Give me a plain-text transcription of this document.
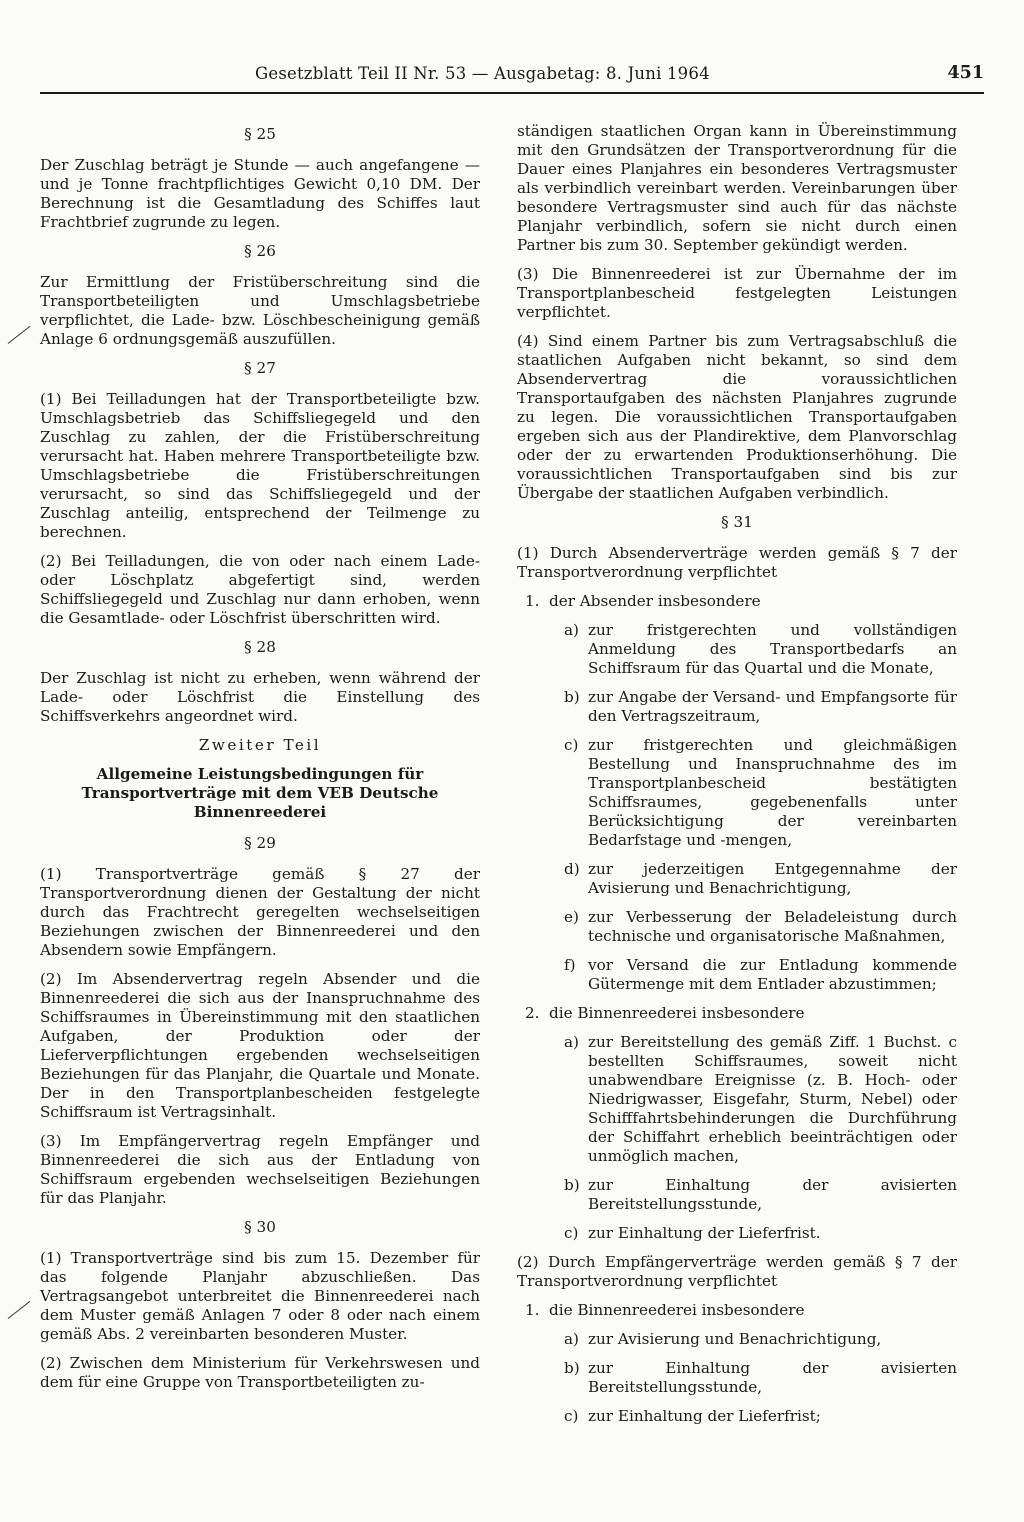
Gesetzblatt Teil II Nr. 53 — Ausgabetag: 8. Juni 1964	451
§ 25

Der Zuschlag beträgt je Stunde — auch angefangene — und je Tonne frachtpflichtiges Gewicht 0,10 DM. Der Berechnung ist die Gesamtladung des Schiffes laut Frachtbrief zugrunde zu legen.

§ 26

Zur Ermittlung der Fristüberschreitung sind die Transportbeteiligten und Umschlagsbetriebe verpflichtet, die Lade- bzw. Löschbescheinigung gemäß Anlage 6 ordnungsgemäß auszufüllen.

§ 27

(1) Bei Teilladungen hat der Transportbeteiligte bzw. Umschlagsbetrieb das Schiffsliegegeld und den Zuschlag zu zahlen, der die Fristüberschreitung verursacht hat. Haben mehrere Transportbeteiligte bzw. Umschlagsbetriebe die Fristüberschreitungen verursacht, so sind das Schiffsliegegeld und der Zuschlag anteilig, entsprechend der Teilmenge zu berechnen.

(2) Bei Teilladungen, die von oder nach einem Lade- oder Löschplatz abgefertigt sind, werden Schiffsliegegeld und Zuschlag nur dann erhoben, wenn die Gesamtlade- oder Löschfrist überschritten wird.

§ 28

Der Zuschlag ist nicht zu erheben, wenn während der Lade- oder Löschfrist die Einstellung des Schiffsverkehrs angeordnet wird.

Zweiter Teil
Allgemeine Leistungsbedingungen für Transportverträge mit dem VEB Deutsche Binnenreederei
§ 29

(1) Transportverträge gemäß § 27 der Transportverordnung dienen der Gestaltung der nicht durch das Frachtrecht geregelten wechselseitigen Beziehungen zwischen der Binnenreederei und den Absendern sowie Empfängern.

(2) Im Absendervertrag regeln Absender und die Binnenreederei die sich aus der Inanspruchnahme des Schiffsraumes in Übereinstimmung mit den staatlichen Aufgaben, der Produktion oder der Lieferverpflichtungen ergebenden wechselseitigen Beziehungen für das Planjahr, die Quartale und Monate. Der in den Transportplanbescheiden festgelegte Schiffsraum ist Vertragsinhalt.

(3) Im Empfängervertrag regeln Empfänger und Binnenreederei die sich aus der Entladung von Schiffsraum ergebenden wechselseitigen Beziehungen für das Planjahr.

§ 30

(1) Transportverträge sind bis zum 15. Dezember für das folgende Planjahr abzuschließen. Das Vertragsangebot unterbreitet die Binnenreederei nach dem Muster gemäß Anlagen 7 oder 8 oder nach einem gemäß Abs. 2 vereinbarten besonderen Muster.

(2) Zwischen dem Ministerium für Verkehrswesen und dem für eine Gruppe von Transportbeteiligten zu-

ständigen staatlichen Organ kann in Übereinstimmung mit den Grundsätzen der Transportverordnung für die Dauer eines Planjahres ein besonderes Vertragsmuster als verbindlich vereinbart werden. Vereinbarungen über besondere Vertragsmuster sind auch für das nächste Planjahr verbindlich, sofern sie nicht durch einen Partner bis zum 30. September gekündigt werden.

(3) Die Binnenreederei ist zur Übernahme der im Transportplanbescheid festgelegten Leistungen verpflichtet.

(4) Sind einem Partner bis zum Vertragsabschluß die staatlichen Aufgaben nicht bekannt, so sind dem Absendervertrag die voraussichtlichen Transportaufgaben des nächsten Planjahres zugrunde zu legen. Die voraussichtlichen Transportaufgaben ergeben sich aus der Plandirektive, dem Planvorschlag oder der zu erwartenden Produktionserhöhung. Die voraussichtlichen Transportaufgaben sind bis zur Übergabe der staatlichen Aufgaben verbindlich.

§ 31

(1) Durch Absenderverträge werden gemäß § 7 der Transportverordnung verpflichtet

1. der Absender insbesondere
a) zur fristgerechten und vollständigen Anmeldung des Transportbedarfs an Schiffsraum für das Quartal und die Monate,
b) zur Angabe der Versand- und Empfangsorte für den Vertragszeitraum,
c) zur fristgerechten und gleichmäßigen Bestellung und Inanspruchnahme des im Transportplanbescheid bestätigten Schiffsraumes, gegebenenfalls unter Berücksichtigung der vereinbarten Bedarfstage und -mengen,
d) zur jederzeitigen Entgegennahme der Avisierung und Benachrichtigung,
e) zur Verbesserung der Beladeleistung durch technische und organisatorische Maßnahmen,
f) vor Versand die zur Entladung kommende Gütermenge mit dem Entlader abzustimmen;
2. die Binnenreederei insbesondere
a) zur Bereitstellung des gemäß Ziff. 1 Buchst. c bestellten Schiffsraumes, soweit nicht unabwendbare Ereignisse (z. B. Hoch- oder Niedrigwasser, Eisgefahr, Sturm, Nebel) oder Schifffahrtsbehinderungen die Durchführung der Schiffahrt erheblich beeinträchtigen oder unmöglich machen,
b) zur Einhaltung der avisierten Bereitstellungsstunde,
c) zur Einhaltung der Lieferfrist.

(2) Durch Empfängerverträge werden gemäß § 7 der Transportverordnung verpflichtet

1. die Binnenreederei insbesondere
a) zur Avisierung und Benachrichtigung,
b) zur Einhaltung der avisierten Bereitstellungsstunde,
c) zur Einhaltung der Lieferfrist;
